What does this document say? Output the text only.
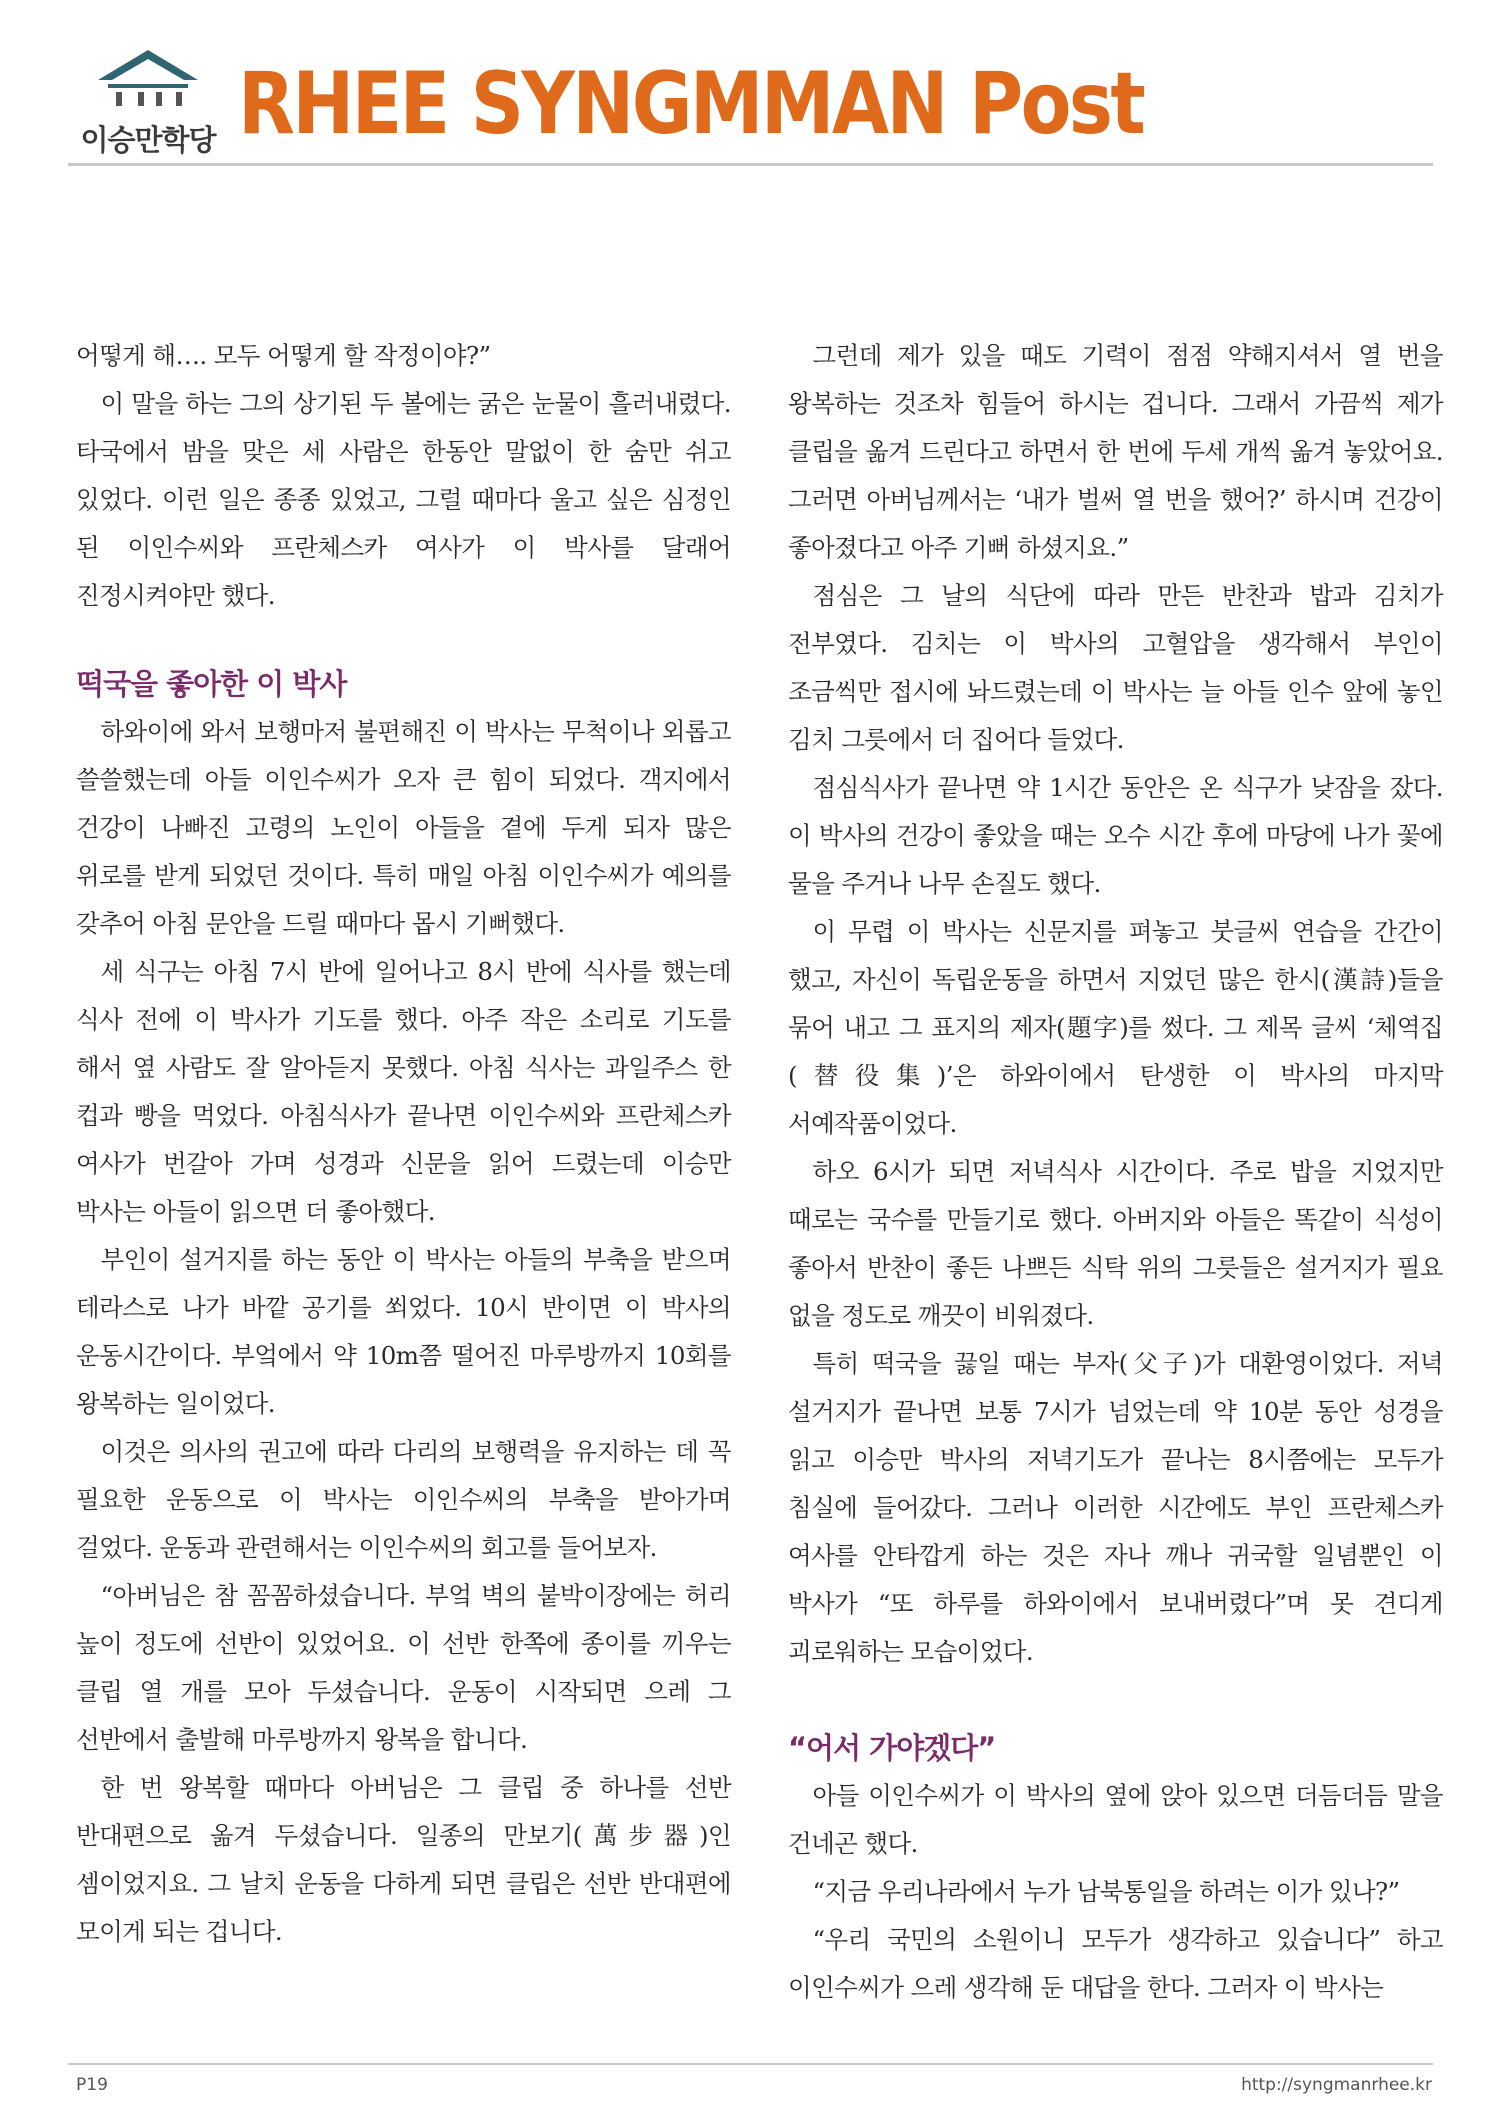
이승만학당 RHEE SYNGMMAN Post

어떻게 해…. 모두 어떻게 할 작정이야?”

이 말을 하는 그의 상기된 두 볼에는 굵은 눈물이 흘러내렸다. 타국에서 밤을 맞은 세 사람은 한동안 말없이 한 숨만 쉬고 있었다. 이런 일은 종종 있었고, 그럴 때마다 울고 싶은 심정인 된 이인수씨와 프란체스카 여사가 이 박사를 달래어 진정시켜야만 했다.

떡국을 좋아한 이 박사

하와이에 와서 보행마저 불편해진 이 박사는 무척이나 외롭고 쓸쓸했는데 아들 이인수씨가 오자 큰 힘이 되었다. 객지에서 건강이 나빠진 고령의 노인이 아들을 곁에 두게 되자 많은 위로를 받게 되었던 것이다. 특히 매일 아침 이인수씨가 예의를 갖추어 아침 문안을 드릴 때마다 몹시 기뻐했다.

세 식구는 아침 7시 반에 일어나고 8시 반에 식사를 했는데 식사 전에 이 박사가 기도를 했다. 아주 작은 소리로 기도를 해서 옆 사람도 잘 알아듣지 못했다. 아침 식사는 과일주스 한 컵과 빵을 먹었다. 아침식사가 끝나면 이인수씨와 프란체스카 여사가 번갈아 가며 성경과 신문을 읽어 드렸는데 이승만 박사는 아들이 읽으면 더 좋아했다.

부인이 설거지를 하는 동안 이 박사는 아들의 부축을 받으며 테라스로 나가 바깥 공기를 쐬었다. 10시 반이면 이 박사의 운동시간이다. 부엌에서 약 10m쯤 떨어진 마루방까지 10회를 왕복하는 일이었다.

이것은 의사의 권고에 따라 다리의 보행력을 유지하는 데 꼭 필요한 운동으로 이 박사는 이인수씨의 부축을 받아가며 걸었다. 운동과 관련해서는 이인수씨의 회고를 들어보자.

“아버님은 참 꼼꼼하셨습니다. 부엌 벽의 붙박이장에는 허리 높이 정도에 선반이 있었어요. 이 선반 한쪽에 종이를 끼우는 클립 열 개를 모아 두셨습니다. 운동이 시작되면 으레 그 선반에서 출발해 마루방까지 왕복을 합니다.

한 번 왕복할 때마다 아버님은 그 클립 중 하나를 선반 반대편으로 옮겨 두셨습니다. 일종의 만보기(萬步器)인 셈이었지요. 그 날치 운동을 다하게 되면 클립은 선반 반대편에 모이게 되는 겁니다.

그런데 제가 있을 때도 기력이 점점 약해지셔서 열 번을 왕복하는 것조차 힘들어 하시는 겁니다. 그래서 가끔씩 제가 클립을 옮겨 드린다고 하면서 한 번에 두세 개씩 옮겨 놓았어요. 그러면 아버님께서는 ‘내가 벌써 열 번을 했어?’ 하시며 건강이 좋아졌다고 아주 기뻐 하셨지요.”

점심은 그 날의 식단에 따라 만든 반찬과 밥과 김치가 전부였다. 김치는 이 박사의 고혈압을 생각해서 부인이 조금씩만 접시에 놔드렸는데 이 박사는 늘 아들 인수 앞에 놓인 김치 그릇에서 더 집어다 들었다.

점심식사가 끝나면 약 1시간 동안은 온 식구가 낮잠을 잤다. 이 박사의 건강이 좋았을 때는 오수 시간 후에 마당에 나가 꽃에 물을 주거나 나무 손질도 했다.

이 무렵 이 박사는 신문지를 펴놓고 붓글씨 연습을 간간이 했고, 자신이 독립운동을 하면서 지었던 많은 한시(漢詩)들을 묶어 내고 그 표지의 제자(題字)를 썼다. 그 제목 글씨 ‘체역집(替役集)’은 하와이에서 탄생한 이 박사의 마지막 서예작품이었다.

하오 6시가 되면 저녁식사 시간이다. 주로 밥을 지었지만 때로는 국수를 만들기로 했다. 아버지와 아들은 똑같이 식성이 좋아서 반찬이 좋든 나쁘든 식탁 위의 그릇들은 설거지가 필요 없을 정도로 깨끗이 비워졌다.

특히 떡국을 끓일 때는 부자(父子)가 대환영이었다. 저녁 설거지가 끝나면 보통 7시가 넘었는데 약 10분 동안 성경을 읽고 이승만 박사의 저녁기도가 끝나는 8시쯤에는 모두가 침실에 들어갔다. 그러나 이러한 시간에도 부인 프란체스카 여사를 안타깝게 하는 것은 자나 깨나 귀국할 일념뿐인 이 박사가 “또 하루를 하와이에서 보내버렸다”며 못 견디게 괴로워하는 모습이었다.

“어서 가야겠다”

아들 이인수씨가 이 박사의 옆에 앉아 있으면 더듬더듬 말을 건네곤 했다.

“지금 우리나라에서 누가 남북통일을 하려는 이가 있나?”

“우리 국민의 소원이니 모두가 생각하고 있습니다” 하고 이인수씨가 으레 생각해 둔 대답을 한다. 그러자 이 박사는

P19	http://syngmanrhee.kr
